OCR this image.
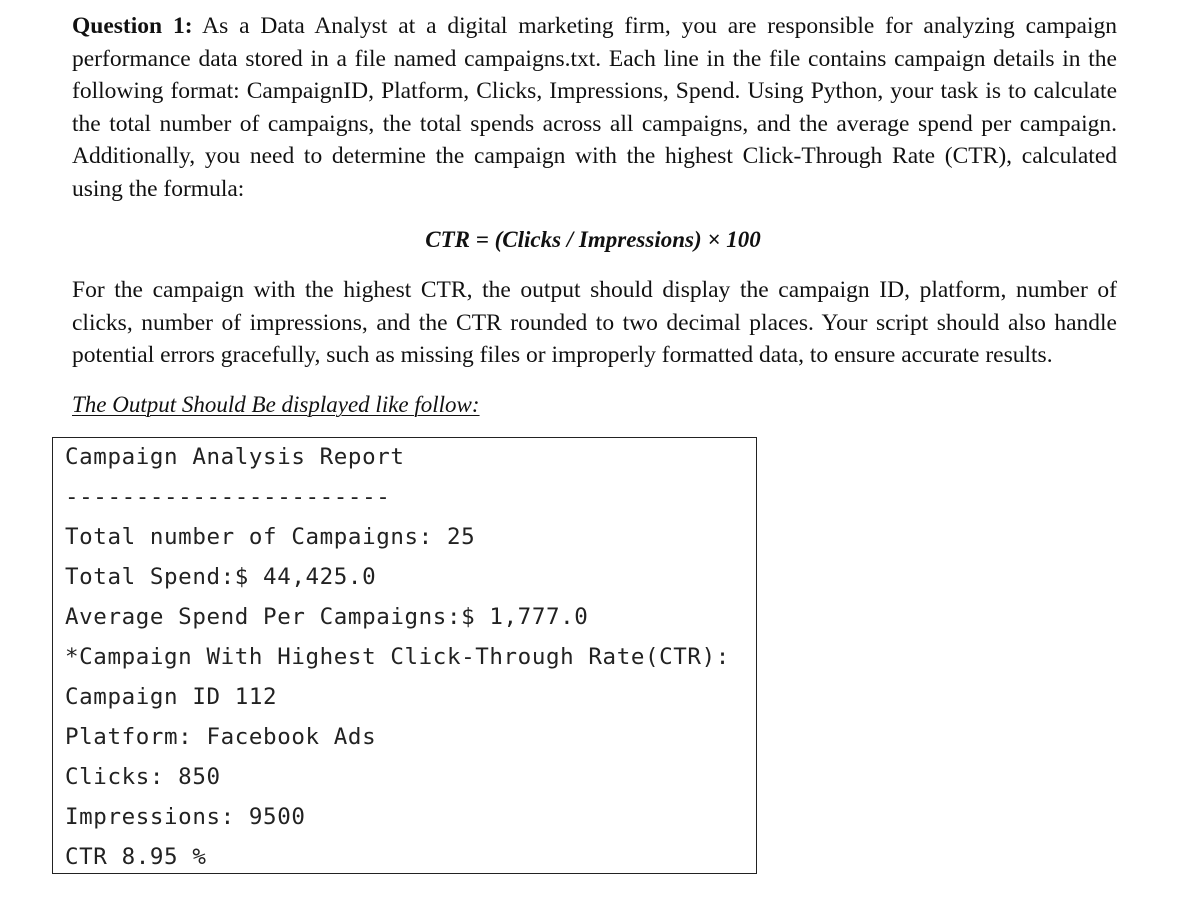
Question 1: As a Data Analyst at a digital marketing firm, you are responsible for analyzing campaign performance data stored in a file named campaigns.txt. Each line in the file contains campaign details in the following format: CampaignID, Platform, Clicks, Impressions, Spend. Using Python, your task is to calculate the total number of campaigns, the total spends across all campaigns, and the average spend per campaign. Additionally, you need to determine the campaign with the highest Click-Through Rate (CTR), calculated using the formula:

CTR = (Clicks / Impressions) × 100

For the campaign with the highest CTR, the output should display the campaign ID, platform, number of clicks, number of impressions, and the CTR rounded to two decimal places. Your script should also handle potential errors gracefully, such as missing files or improperly formatted data, to ensure accurate results.

The Output Should Be displayed like follow:
Campaign Analysis Report
-----------------------
Total number of Campaigns: 25
Total Spend:$ 44,425.0
Average Spend Per Campaigns:$ 1,777.0
*Campaign With Highest Click-Through Rate(CTR):
Campaign ID 112
Platform: Facebook Ads
Clicks: 850
Impressions: 9500
CTR 8.95 %
